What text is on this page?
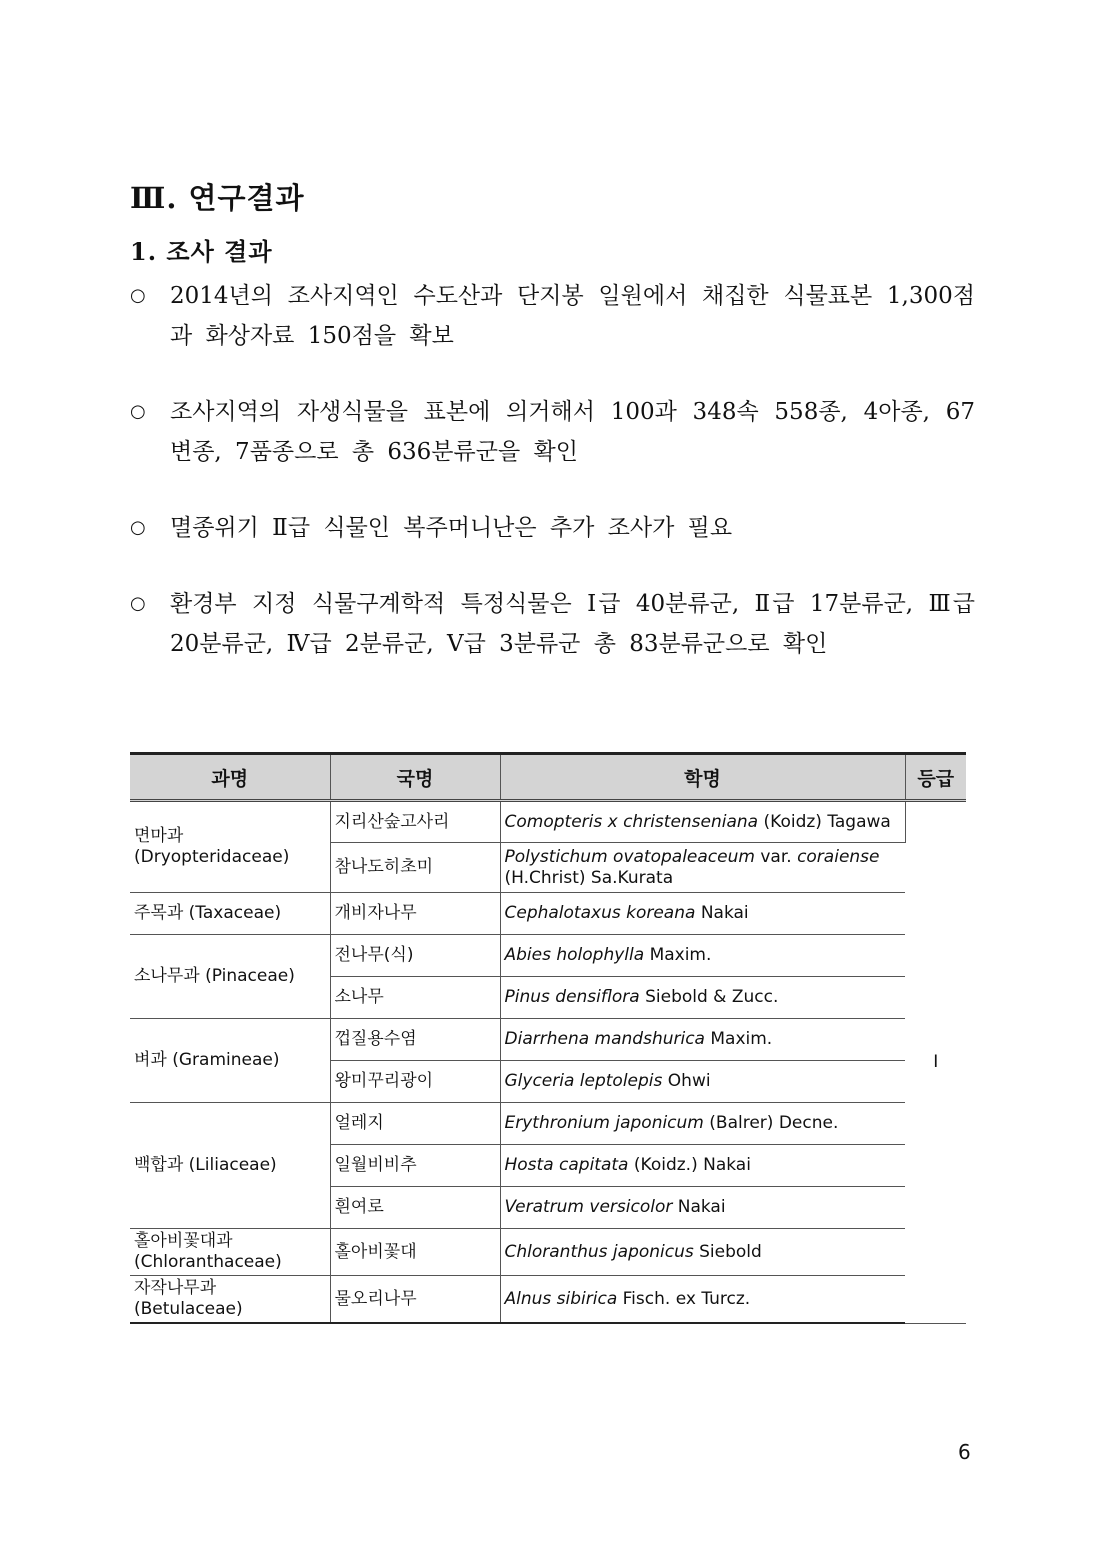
Ⅲ. 연구결과
1. 조사 결과
○ 2014년의 조사지역인 수도산과 단지봉 일원에서 채집한 식물표본 1,300점과 화상자료 150점을 확보
○ 조사지역의 자생식물을 표본에 의거해서 100과 348속 558종, 4아종, 67변종, 7품종으로 총 636분류군을 확인
○ 멸종위기 Ⅱ급 식물인 복주머니난은 추가 조사가 필요
○ 환경부 지정 식물구계학적 특정식물은 Ⅰ급 40분류군, Ⅱ급 17분류군, Ⅲ급 20분류군, Ⅳ급 2분류군, Ⅴ급 3분류군 총 83분류군으로 확인
과명	국명	학명	등급
면마과 (Dryopteridaceae)	지리산숲고사리	Comopteris x christenseniana (Koidz) Tagawa	Ⅰ
	참나도히초미	Polystichum ovatopaleaceum var. coraiense
(H.Christ) Sa.Kurata	
주목과 (Taxaceae)	개비자나무	Cephalotaxus koreana Nakai	
소나무과 (Pinaceae)	전나무(식)	Abies holophylla Maxim.	
	소나무	Pinus densiflora Siebold & Zucc.	
벼과 (Gramineae)	껍질용수염	Diarrhena mandshurica Maxim.	
	왕미꾸리광이	Glyceria leptolepis Ohwi	
백합과 (Liliaceae)	얼레지	Erythronium japonicum (Balrer) Decne.	
	일월비비추	Hosta capitata (Koidz.) Nakai	
	흰여로	Veratrum versicolor Nakai	
홀아비꽃대과 (Chloranthaceae)	홀아비꽃대	Chloranthus japonicus Siebold	
자작나무과 (Betulaceae)	물오리나무	Alnus sibirica Fisch. ex Turcz.	
6
